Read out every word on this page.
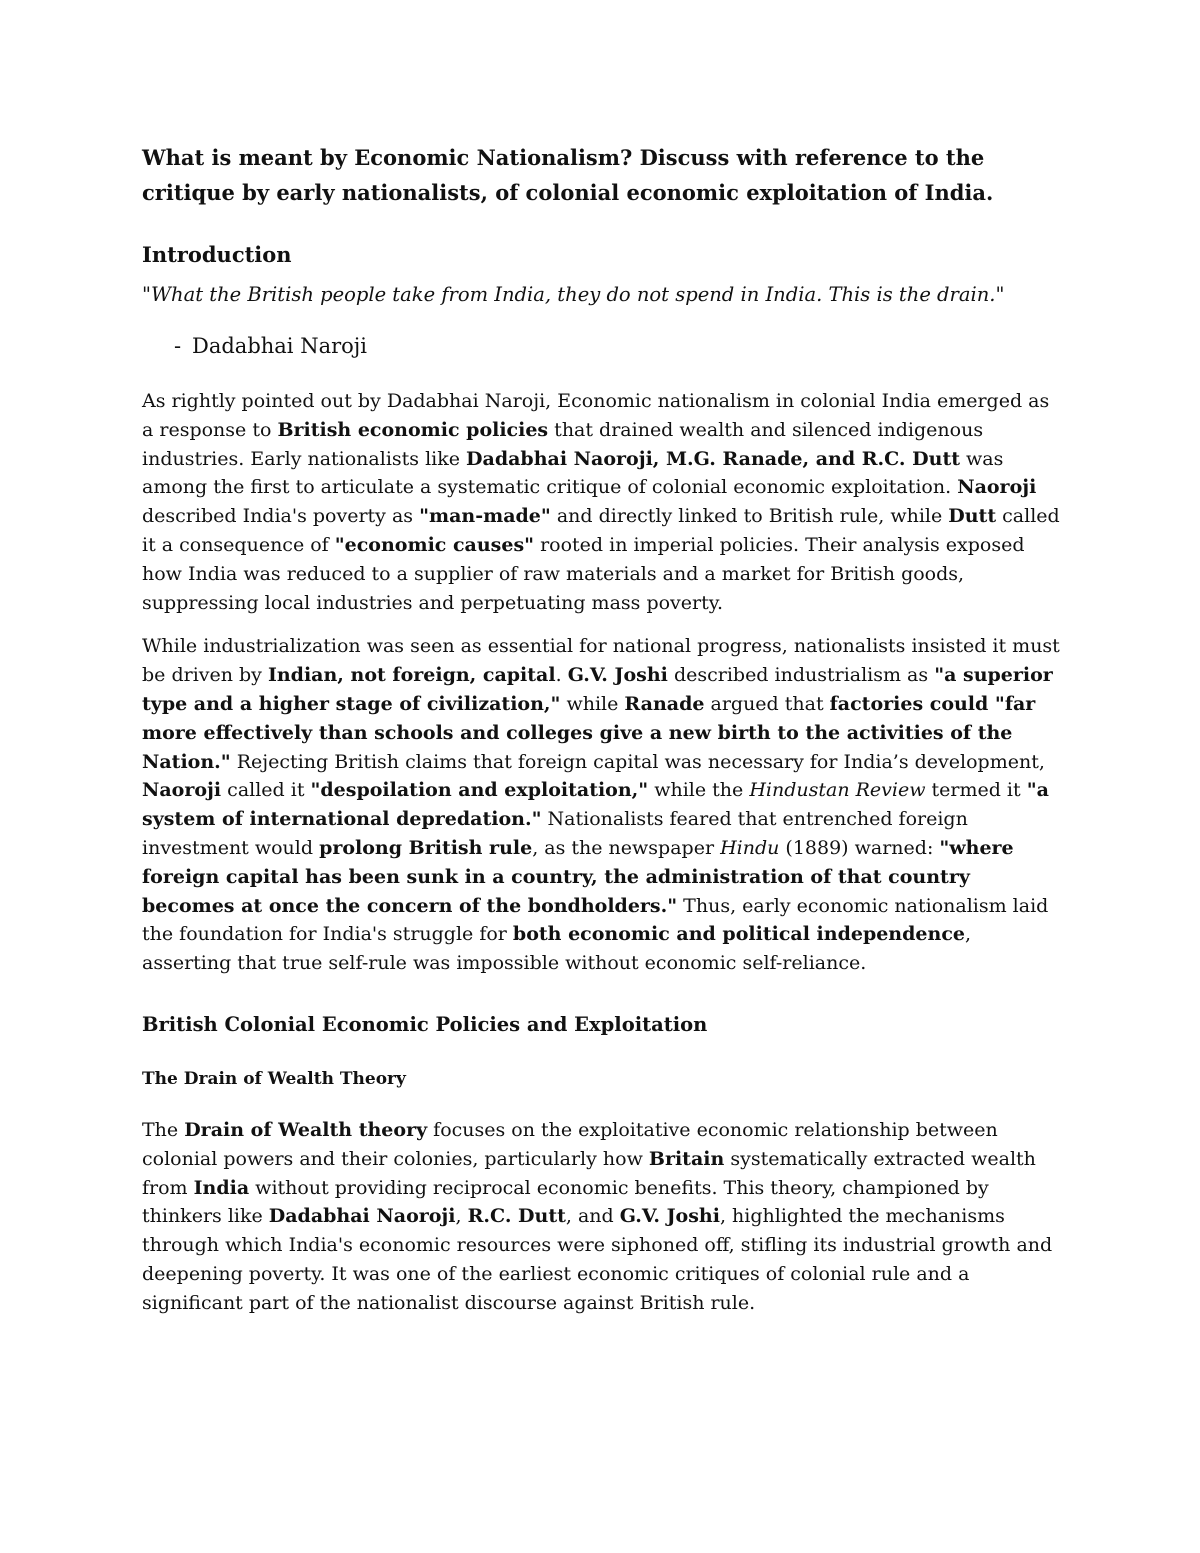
What is meant by Economic Nationalism? Discuss with reference to the critique by early nationalists, of colonial economic exploitation of India.

Introduction

"What the British people take from India, they do not spend in India. This is the drain."

- Dadabhai Naroji

As rightly pointed out by Dadabhai Naroji, Economic nationalism in colonial India emerged as a response to British economic policies that drained wealth and silenced indigenous industries. Early nationalists like Dadabhai Naoroji, M.G. Ranade, and R.C. Dutt was among the first to articulate a systematic critique of colonial economic exploitation. Naoroji described India's poverty as "man-made" and directly linked to British rule, while Dutt called it a consequence of "economic causes" rooted in imperial policies. Their analysis exposed how India was reduced to a supplier of raw materials and a market for British goods, suppressing local industries and perpetuating mass poverty.

While industrialization was seen as essential for national progress, nationalists insisted it must be driven by Indian, not foreign, capital. G.V. Joshi described industrialism as "a superior type and a higher stage of civilization," while Ranade argued that factories could "far more effectively than schools and colleges give a new birth to the activities of the Nation." Rejecting British claims that foreign capital was necessary for India’s development, Naoroji called it "despoilation and exploitation," while the Hindustan Review termed it "a system of international depredation." Nationalists feared that entrenched foreign investment would prolong British rule, as the newspaper Hindu (1889) warned: "where foreign capital has been sunk in a country, the administration of that country becomes at once the concern of the bondholders." Thus, early economic nationalism laid the foundation for India's struggle for both economic and political independence, asserting that true self-rule was impossible without economic self-reliance.

British Colonial Economic Policies and Exploitation

The Drain of Wealth Theory

The Drain of Wealth theory focuses on the exploitative economic relationship between colonial powers and their colonies, particularly how Britain systematically extracted wealth from India without providing reciprocal economic benefits. This theory, championed by thinkers like Dadabhai Naoroji, R.C. Dutt, and G.V. Joshi, highlighted the mechanisms through which India's economic resources were siphoned off, stifling its industrial growth and deepening poverty. It was one of the earliest economic critiques of colonial rule and a significant part of the nationalist discourse against British rule.
